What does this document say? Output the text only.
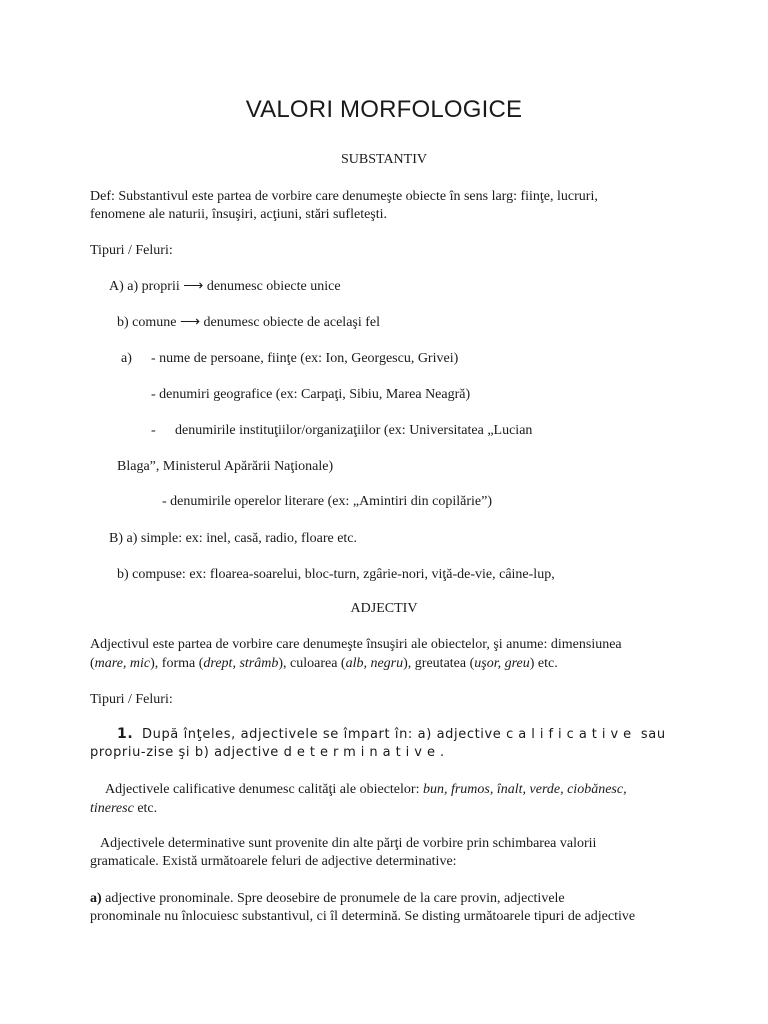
VALORI MORFOLOGICE
SUBSTANTIV
Def: Substantivul este partea de vorbire care denumeşte obiecte în sens larg: fiinţe, lucruri,
fenomene ale naturii, însuşiri, acţiuni, stări sufleteşti.
Tipuri / Feluri:
A) a) proprii ⟶ denumesc obiecte unice
b) comune ⟶ denumesc obiecte de acelaşi fel
a) - nume de persoane, fiinţe (ex: Ion, Georgescu, Grivei)
- denumiri geografice (ex: Carpaţi, Sibiu, Marea Neagră)
- denumirile instituţiilor/organizaţiilor (ex: Universitatea „Lucian
Blaga”, Ministerul Apărării Naţionale)
- denumirile operelor literare (ex: „Amintiri din copilărie”)
B) a) simple: ex: inel, casă, radio, floare etc.
b) compuse: ex: floarea-soarelui, bloc-turn, zgârie-nori, viţă-de-vie, câine-lup,
ADJECTIV
Adjectivul este partea de vorbire care denumeşte însuşiri ale obiectelor, şi anume: dimensiunea
(mare, mic), forma (drept, strâmb), culoarea (alb, negru), greutatea (uşor, greu) etc.
Tipuri / Feluri:
1. După înţeles, adjectivele se împart în: a) adjective calificative sau
propriu-zise şi b) adjective determinative.
Adjectivele calificative denumesc calităţi ale obiectelor: bun, frumos, înalt, verde, ciobănesc,
tineresc etc.
Adjectivele determinative sunt provenite din alte părţi de vorbire prin schimbarea valorii
gramaticale. Există următoarele feluri de adjective determinative:
a) adjective pronominale. Spre deosebire de pronumele de la care provin, adjectivele
pronominale nu înlocuiesc substantivul, ci îl determină. Se disting următoarele tipuri de adjective
